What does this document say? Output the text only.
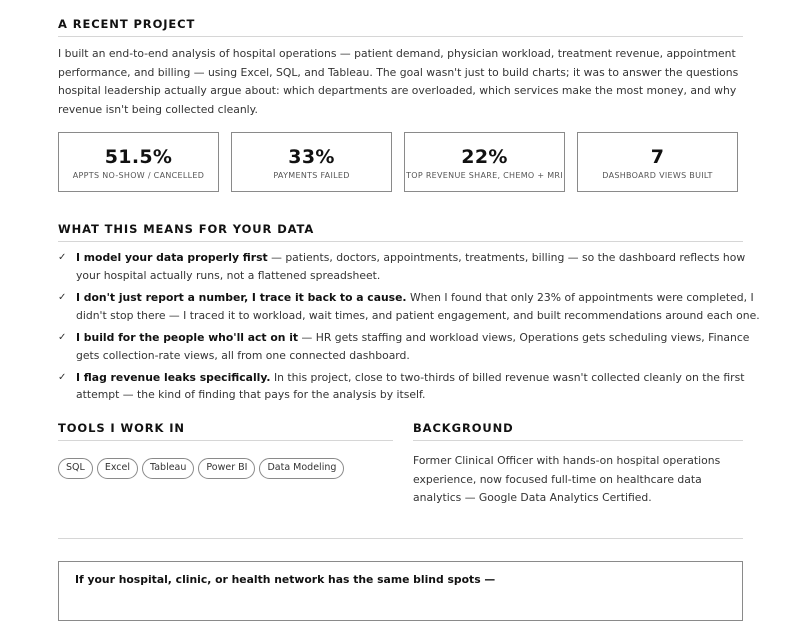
A RECENT PROJECT

I built an end-to-end analysis of hospital operations — patient demand, physician workload, treatment revenue, appointment performance, and billing — using Excel, SQL, and Tableau. The goal wasn't just to build charts; it was to answer the questions hospital leadership actually argue about: which departments are overloaded, which services make the most money, and why revenue isn't being collected cleanly.

51.5%
APPTS NO-SHOW / CANCELLED
33%
PAYMENTS FAILED
22%
TOP REVENUE SHARE, CHEMO + MRI
7
DASHBOARD VIEWS BUILT
WHAT THIS MEANS FOR YOUR DATA
✓ I model your data properly first — patients, doctors, appointments, treatments, billing — so the dashboard reflects how your hospital actually runs, not a flattened spreadsheet.
✓ I don't just report a number, I trace it back to a cause. When I found that only 23% of appointments were completed, I didn't stop there — I traced it to workload, wait times, and patient engagement, and built recommendations around each one.
✓ I build for the people who'll act on it — HR gets staffing and workload views, Operations gets scheduling views, Finance gets collection-rate views, all from one connected dashboard.
✓ I flag revenue leaks specifically. In this project, close to two-thirds of billed revenue wasn't collected cleanly on the first attempt — the kind of finding that pays for the analysis by itself.
TOOLS I WORK IN
SQL Excel Tableau Power BI Data Modeling
BACKGROUND

Former Clinical Officer with hands-on hospital operations experience, now focused full-time on healthcare data analytics — Google Data Analytics Certified.

If your hospital, clinic, or health network has the same blind spots —
